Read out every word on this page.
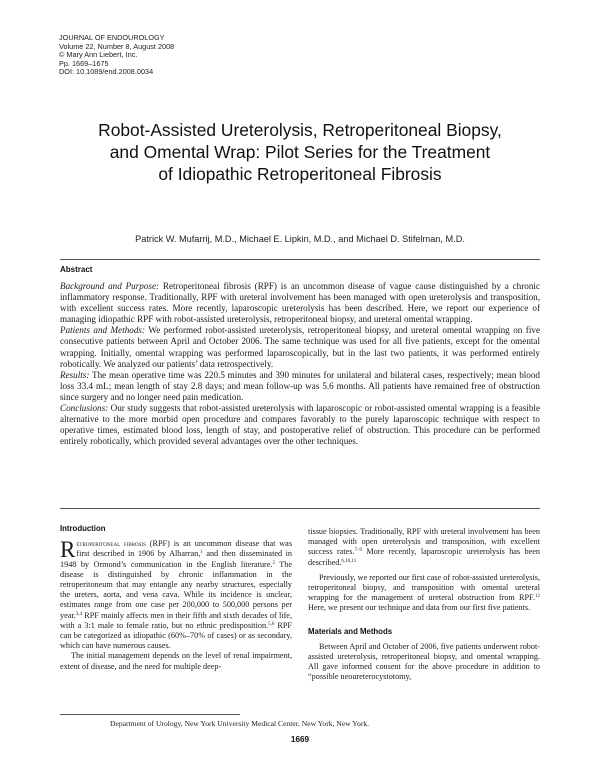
JOURNAL OF ENDOUROLOGY
Volume 22, Number 8, August 2008
© Mary Ann Liebert, Inc.
Pp. 1669–1675
DOI: 10.1089/end.2008.0034
Robot-Assisted Ureterolysis, Retroperitoneal Biopsy,
and Omental Wrap: Pilot Series for the Treatment
of Idiopathic Retroperitoneal Fibrosis
Patrick W. Mufarrij, M.D., Michael E. Lipkin, M.D., and Michael D. Stifelman, M.D.
Abstract

Background and Purpose: Retroperitoneal fibrosis (RPF) is an uncommon disease of vague cause distinguished by a chronic inflammatory response. Traditionally, RPF with ureteral involvement has been managed with open ureterolysis and transposition, with excellent success rates. More recently, laparoscopic ureterolysis has been described. Here, we report our experience of managing idiopathic RPF with robot-assisted ureterolysis, retroperitoneal biopsy, and ureteral omental wrapping.

Patients and Methods: We performed robot-assisted ureterolysis, retroperitoneal biopsy, and ureteral omental wrapping on five consecutive patients between April and October 2006. The same technique was used for all five patients, except for the omental wrapping. Initially, omental wrapping was performed laparoscopically, but in the last two patients, it was performed entirely robotically. We analyzed our patients’ data retrospectively.

Results: The mean operative time was 220.5 minutes and 390 minutes for unilateral and bilateral cases, respectively; mean blood loss 33.4 mL; mean length of stay 2.8 days; and mean follow-up was 5.6 months. All patients have remained free of obstruction since surgery and no longer need pain medication.

Conclusions: Our study suggests that robot-assisted ureterolysis with laparoscopic or robot-assisted omental wrapping is a feasible alternative to the more morbid open procedure and compares favorably to the purely laparoscopic technique with respect to operative times, estimated blood loss, length of stay, and postoperative relief of obstruction. This procedure can be performed entirely robotically, which provided several advantages over the other techniques.

Introduction

Retroperitoneal fibrosis (RPF) is an uncommon disease that was first described in 1906 by Albarran,$^1$ and then disseminated in 1948 by Ormond’s communication in the English literature.$^2$ The disease is distinguished by chronic inflammation in the retroperitoneum that may entangle any nearby structures, especially the ureters, aorta, and vena cava. While its incidence is unclear, estimates range from one case per 200,000 to 500,000 persons per year.$^{3,4}$ RPF mainly affects men in their fifth and sixth decades of life, with a 3:1 male to female ratio, but no ethnic predisposition.$^{5,6}$ RPF can be categorized as idiopathic (60%–70% of cases) or as secondary, which can have numerous causes.

The initial management depends on the level of renal impairment, extent of disease, and the need for multiple deep-

tissue biopsies. Traditionally, RPF with ureteral involvement has been managed with open ureterolysis and transposition, with excellent success rates.$^{7-9}$ More recently, laparoscopic ureterolysis has been described.$^{6,10,11}$

Previously, we reported our first case of robot-assisted ureterolysis, retroperitoneal biopsy, and transposition with omental ureteral wrapping for the management of ureteral obstruction from RPF.$^{12}$ Here, we present our technique and data from our first five patients.

Materials and Methods

Between April and October of 2006, five patients underwent robot-assisted ureterolysis, retroperitoneal biopsy, and omental wrapping. All gave informed consent for the above procedure in addition to “possible neoureterocystotomy,

Department of Urology, New York University Medical Center, New York, New York.
1669
